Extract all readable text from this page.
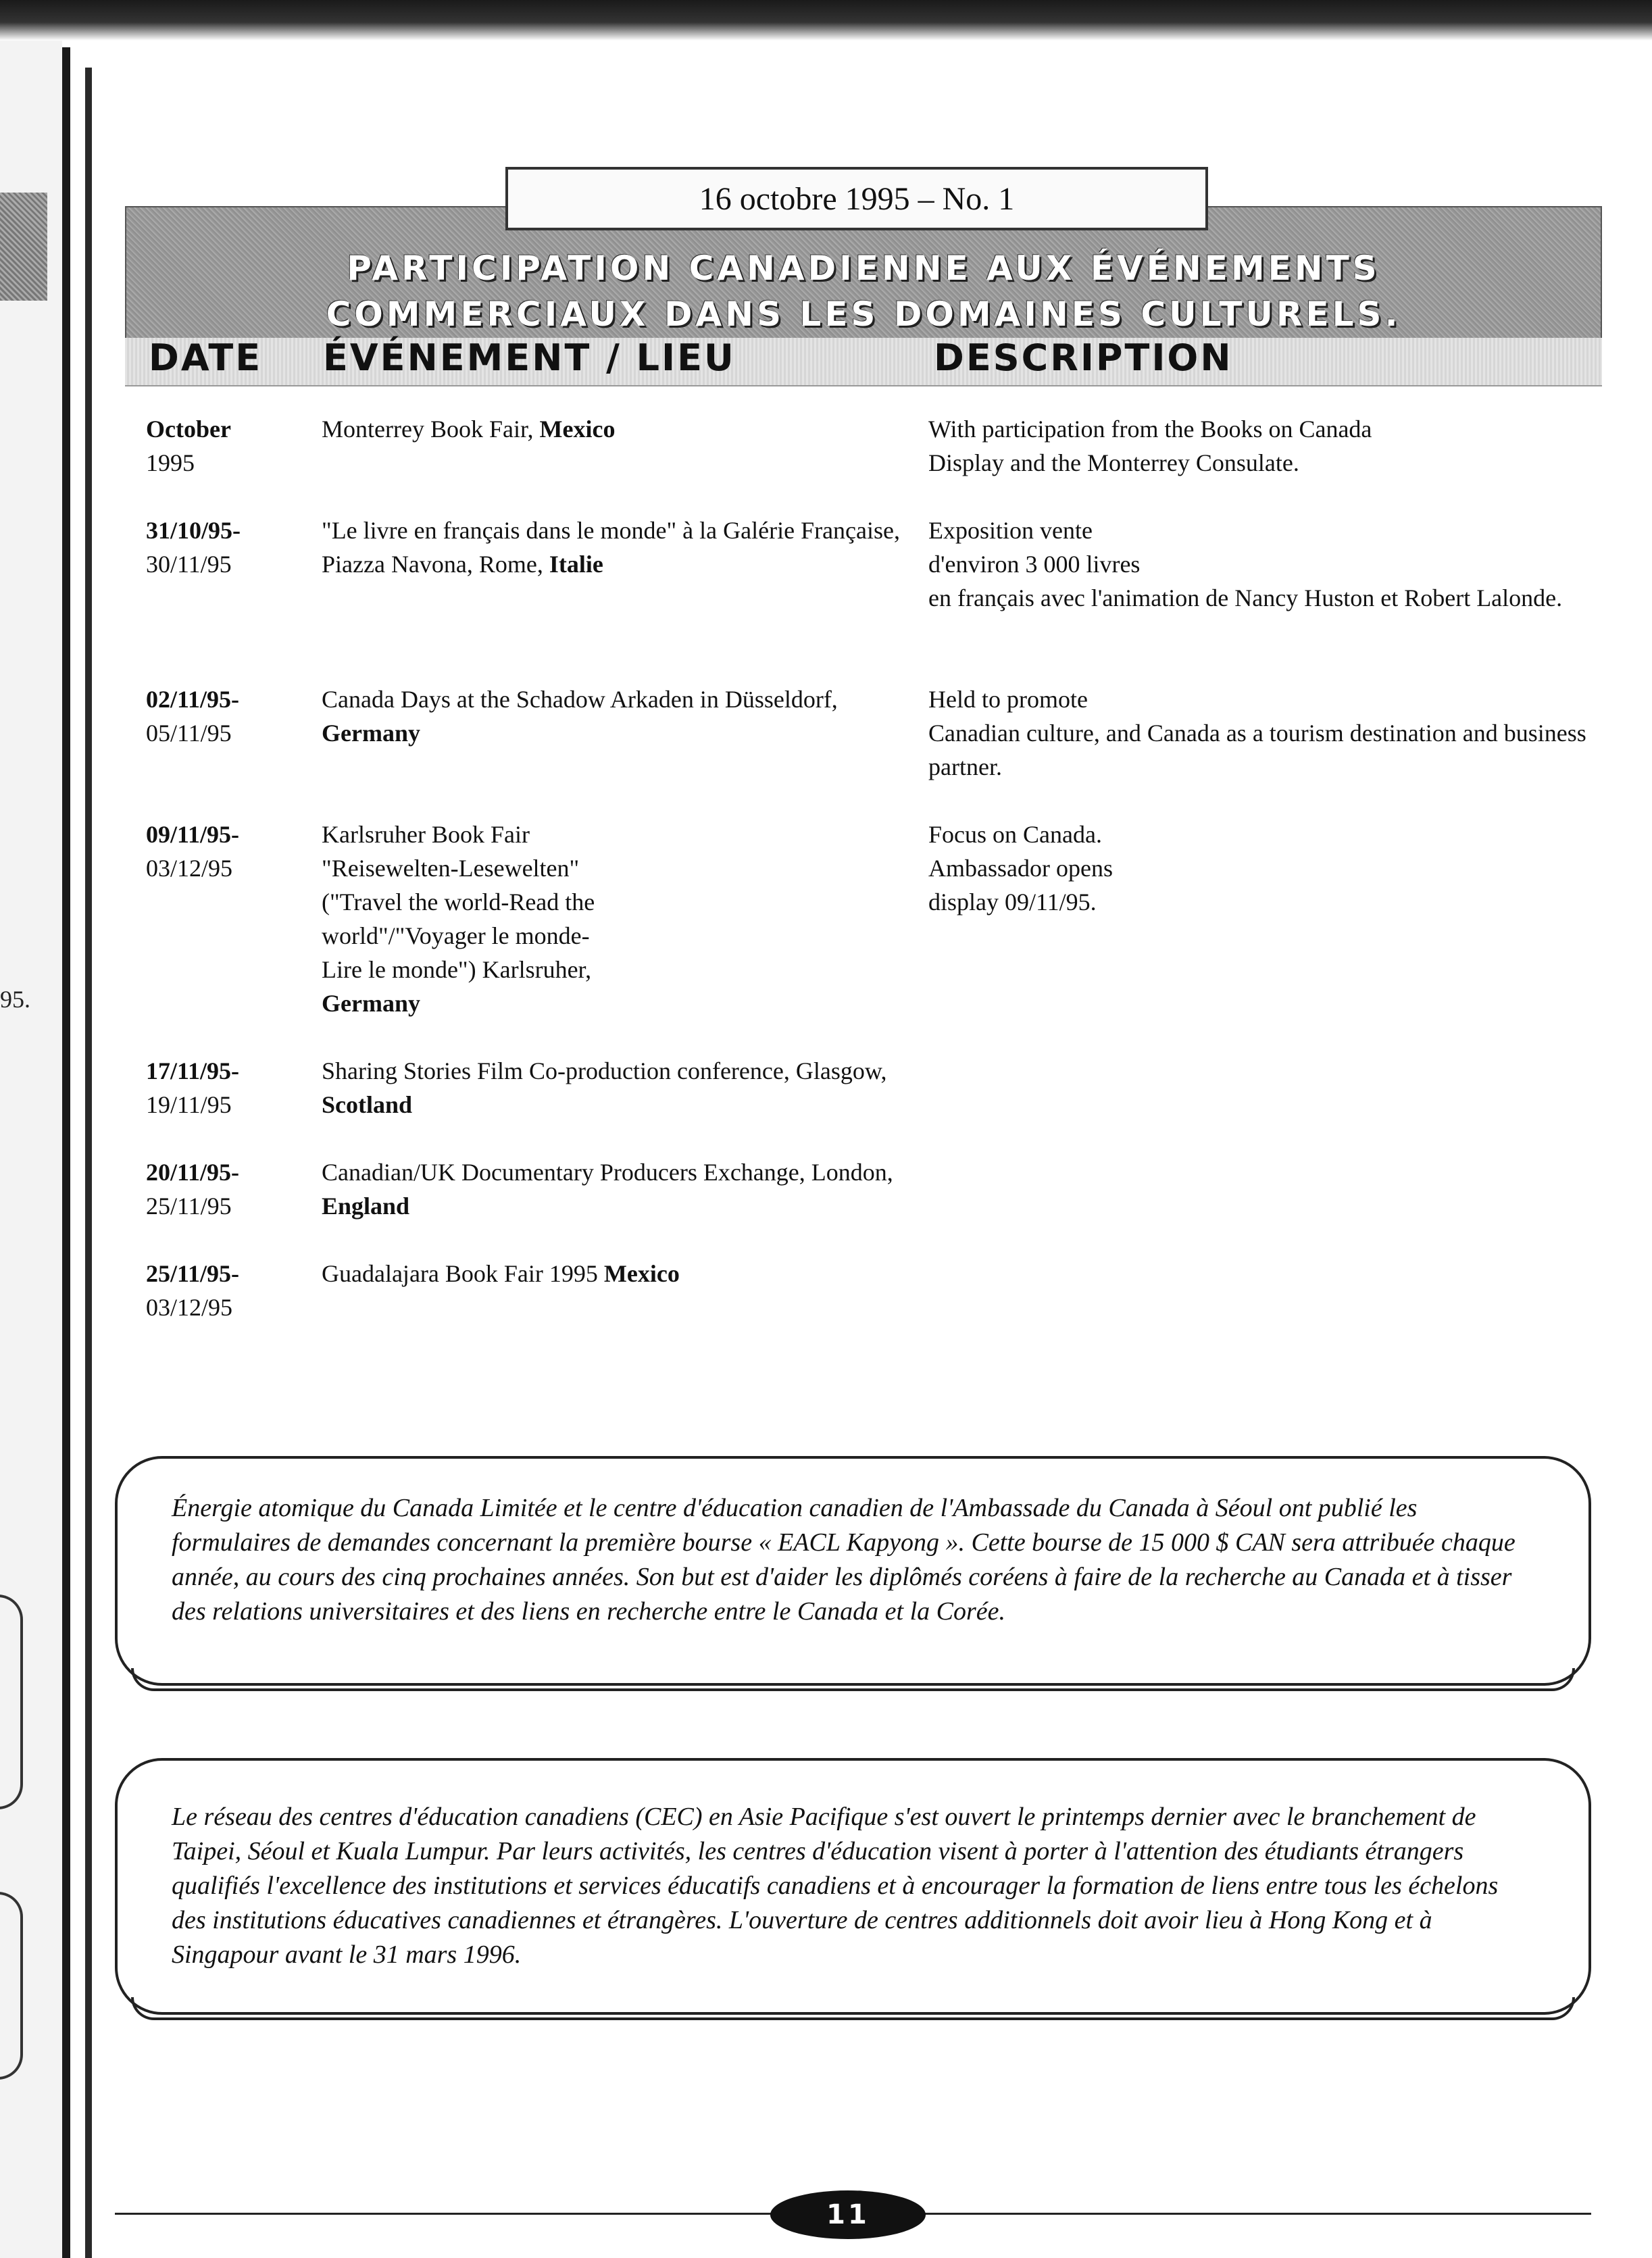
95.
16 octobre 1995 – No. 1
PARTICIPATION CANADIENNE AUX ÉVÉNEMENTS
COMMERCIAUX DANS LES DOMAINES CULTURELS.
DATE ÉVÉNEMENT / LIEU	DESCRIPTION
October
1995
Monterrey Book Fair, Mexico	With participation from the Books on Canada
Display and the Monterrey Consulate.
31/10/95-
30/11/95
"Le livre en français dans le monde" à la Galérie Française, Piazza Navona, Rome, Italie
Exposition vente
d'environ 3 000 livres
en français avec l'animation de Nancy Huston et Robert Lalonde.
02/11/95-
05/11/95
Canada Days at the Schadow Arkaden in Düsseldorf, Germany
Held to promote
Canadian culture, and Canada as a tourism destination and business partner.
09/11/95-
03/12/95
Karlsruher Book Fair "Reisewelten-Lesewelten" ("Travel the world-Read the world"/"Voyager le monde-Lire le monde") Karlsruher, Germany
Focus on Canada.
Ambassador opens
display 09/11/95.
17/11/95-
19/11/95
Sharing Stories Film Co-production conference, Glasgow, Scotland
20/11/95-
25/11/95
Canadian/UK Documentary Producers Exchange, London, England
25/11/95-
03/12/95
Guadalajara Book Fair 1995 Mexico
Énergie atomique du Canada Limitée et le centre d'éducation canadien de l'Ambassade du Canada à Séoul ont publié les formulaires de demandes concernant la première bourse « EACL Kapyong ». Cette bourse de 15 000 $ CAN sera attribuée chaque année, au cours des cinq prochaines années. Son but est d'aider les diplômés coréens à faire de la recherche au Canada et à tisser des relations universitaires et des liens en recherche entre le Canada et la Corée.
Le réseau des centres d'éducation canadiens (CEC) en Asie Pacifique s'est ouvert le printemps dernier avec le branchement de Taipei, Séoul et Kuala Lumpur. Par leurs activités, les centres d'éducation visent à porter à l'attention des étudiants étrangers qualifiés l'excellence des institutions et services éducatifs canadiens et à encourager la formation de liens entre tous les échelons des institutions éducatives canadiennes et étrangères. L'ouverture de centres additionnels doit avoir lieu à Hong Kong et à Singapour avant le 31 mars 1996.
11
